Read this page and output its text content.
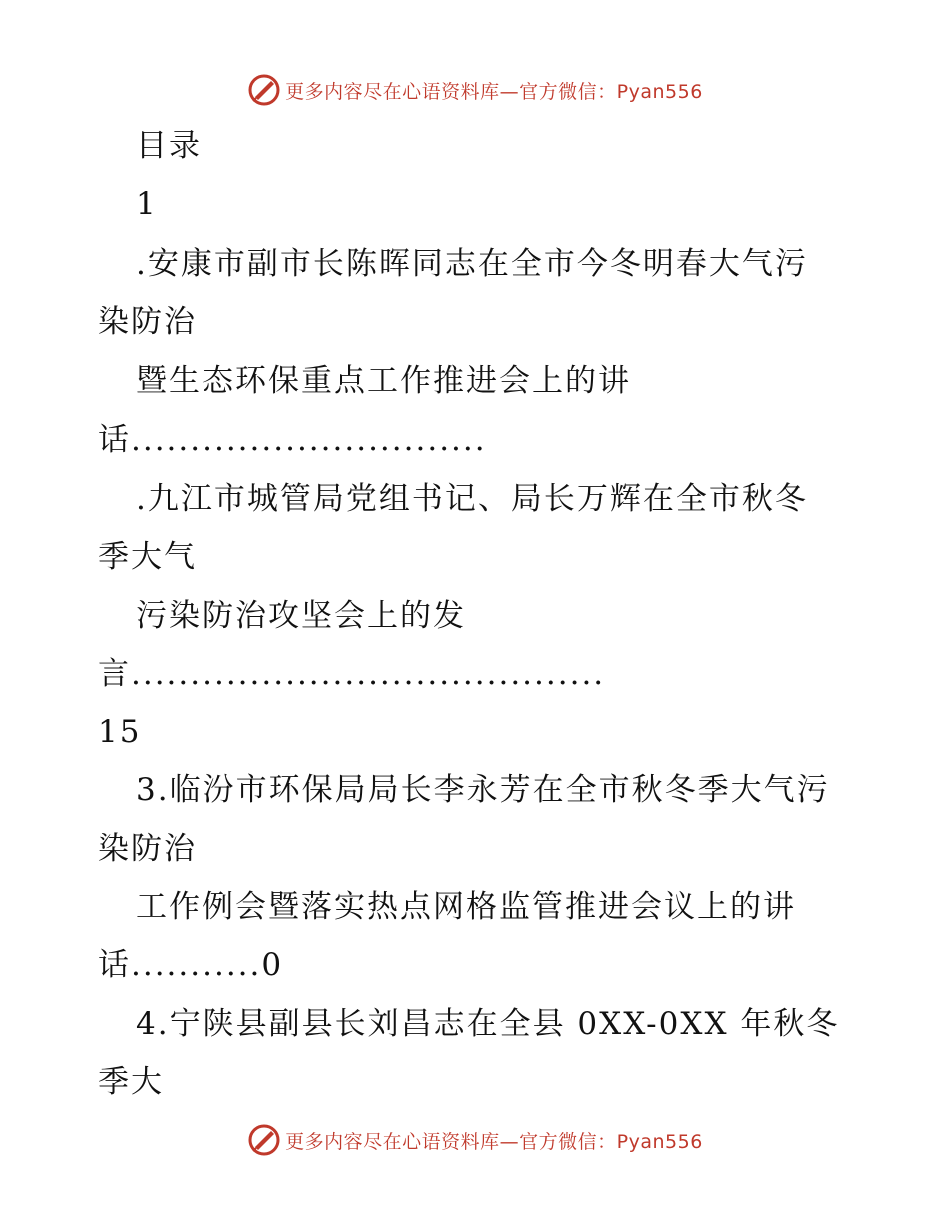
更多内容尽在心语资料库—官方微信：Pyan556
目录
1
.安康市副市长陈晖同志在全市今冬明春大气污
染防治
暨生态环保重点工作推进会上的讲
话..............................
.九江市城管局党组书记、局长万辉在全市秋冬
季大气
污染防治攻坚会上的发
言........................................
15
3.临汾市环保局局长李永芳在全市秋冬季大气污
染防治
工作例会暨落实热点网格监管推进会议上的讲
话...........0
4.宁陕县副县长刘昌志在全县 0XX-0XX 年秋冬
季大
更多内容尽在心语资料库—官方微信：Pyan556
